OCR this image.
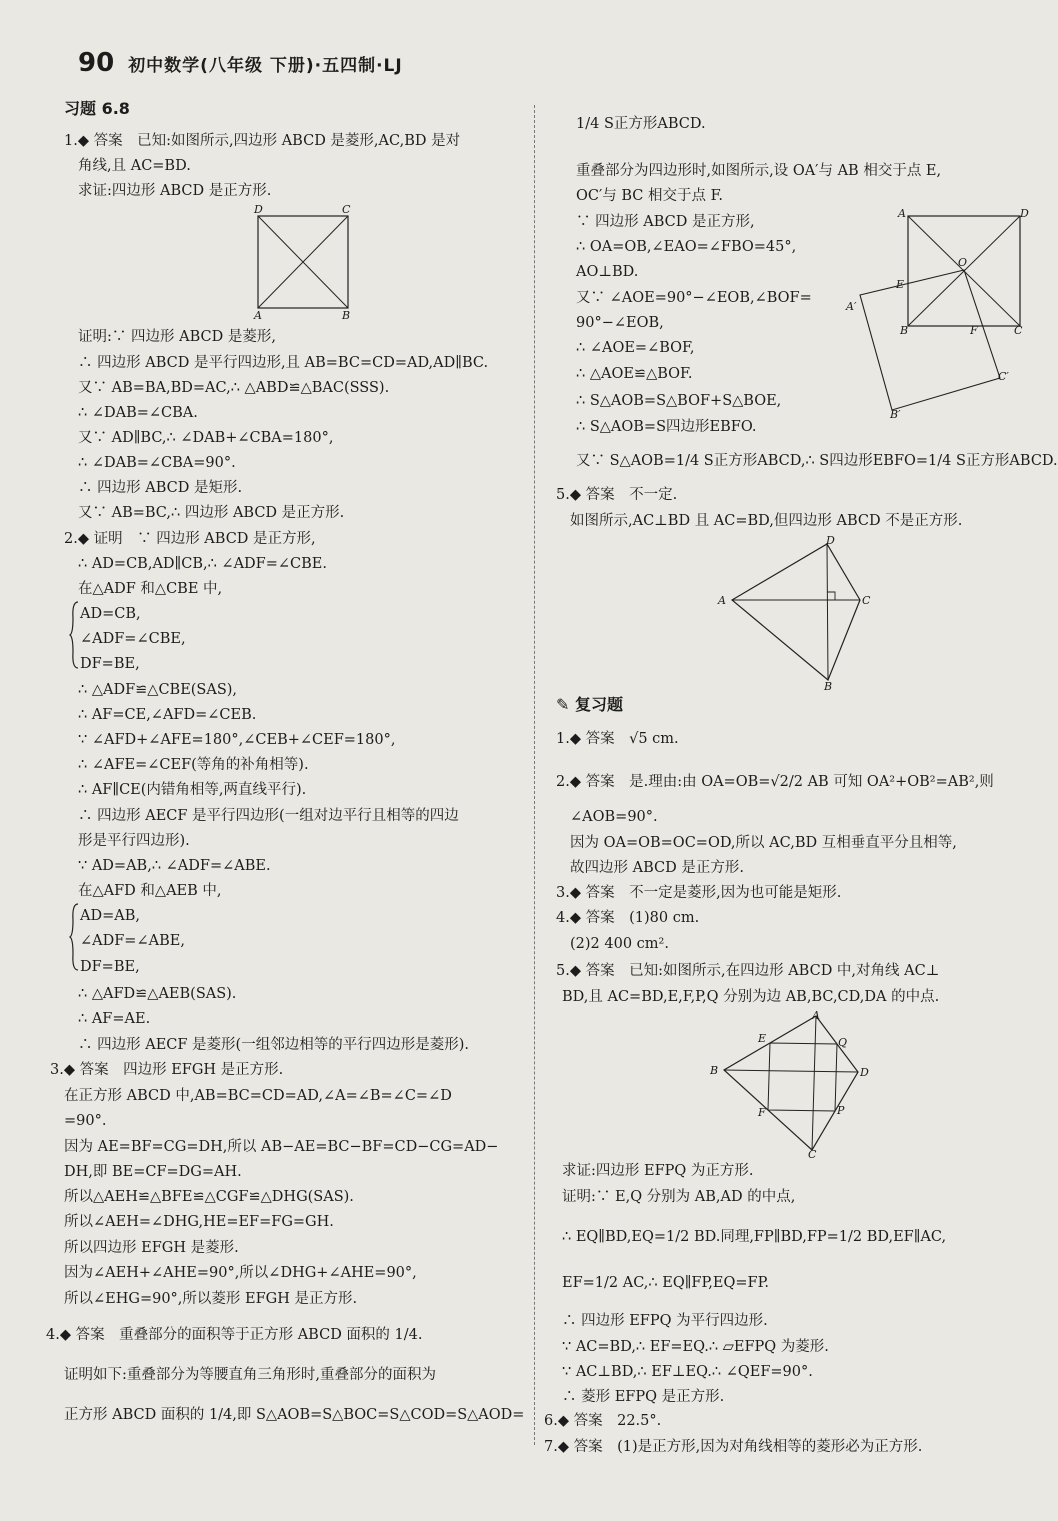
90 初中数学(八年级 下册)·五四制·LJ
习题 6.8
1.◆ 答案　已知:如图所示,四边形 ABCD 是菱形,AC,BD 是对
角线,且 AC=BD.
求证:四边形 ABCD 是正方形.
D	C
A	B
证明:∵ 四边形 ABCD 是菱形,
∴ 四边形 ABCD 是平行四边形,且 AB=BC=CD=AD,AD∥BC.
又∵ AB=BA,BD=AC,∴ △ABD≌△BAC(SSS).
∴ ∠DAB=∠CBA.
又∵ AD∥BC,∴ ∠DAB+∠CBA=180°,
∴ ∠DAB=∠CBA=90°.
∴ 四边形 ABCD 是矩形.
又∵ AB=BC,∴ 四边形 ABCD 是正方形.
2.◆ 证明　∵ 四边形 ABCD 是正方形,
∴ AD=CB,AD∥CB,∴ ∠ADF=∠CBE.
在△ADF 和△CBE 中,
AD=CB,
∠ADF=∠CBE,
DF=BE,
∴ △ADF≌△CBE(SAS),
∴ AF=CE,∠AFD=∠CEB.
∵ ∠AFD+∠AFE=180°,∠CEB+∠CEF=180°,
∴ ∠AFE=∠CEF(等角的补角相等).
∴ AF∥CE(内错角相等,两直线平行).
∴ 四边形 AECF 是平行四边形(一组对边平行且相等的四边
形是平行四边形).
∵ AD=AB,∴ ∠ADF=∠ABE.
在△AFD 和△AEB 中,
AD=AB,
∠ADF=∠ABE,
DF=BE,
∴ △AFD≌△AEB(SAS).
∴ AF=AE.
∴ 四边形 AECF 是菱形(一组邻边相等的平行四边形是菱形).
3.◆ 答案　四边形 EFGH 是正方形.
在正方形 ABCD 中,AB=BC=CD=AD,∠A=∠B=∠C=∠D
=90°.
因为 AE=BF=CG=DH,所以 AB−AE=BC−BF=CD−CG=AD−
DH,即 BE=CF=DG=AH.
所以△AEH≌△BFE≌△CGF≌△DHG(SAS).
所以∠AEH=∠DHG,HE=EF=FG=GH.
所以四边形 EFGH 是菱形.
因为∠AEH+∠AHE=90°,所以∠DHG+∠AHE=90°,
所以∠EHG=90°,所以菱形 EFGH 是正方形.
4.◆ 答案　重叠部分的面积等于正方形 ABCD 面积的 1/4.
证明如下:重叠部分为等腰直角三角形时,重叠部分的面积为
正方形 ABCD 面积的 1/4,即 S△AOB=S△BOC=S△COD=S△AOD=
1/4 S正方形ABCD.
重叠部分为四边形时,如图所示,设 OA′与 AB 相交于点 E,
OC′与 BC 相交于点 F.
∵ 四边形 ABCD 是正方形,
∴ OA=OB,∠EAO=∠FBO=45°,
AO⊥BD.
又∵ ∠AOE=90°−∠EOB,∠BOF=
90°−∠EOB,
∴ ∠AOE=∠BOF,
∴ △AOE≌△BOF.
∴ S△AOB=S△BOF+S△BOE,
∴ S△AOB=S四边形EBFO.
又∵ S△AOB=1/4 S正方形ABCD,∴ S四边形EBFO=1/4 S正方形ABCD.
A	D
E
O
A′
B	F	C
C′
B′
5.◆ 答案　不一定.
如图所示,AC⊥BD 且 AC=BD,但四边形 ABCD 不是正方形.
D
A	C
B
✎ 复习题
1.◆ 答案　√5 cm.
2.◆ 答案　是.理由:由 OA=OB=√2/2 AB 可知 OA²+OB²=AB²,则
∠AOB=90°.
因为 OA=OB=OC=OD,所以 AC,BD 互相垂直平分且相等,
故四边形 ABCD 是正方形.
3.◆ 答案　不一定是菱形,因为也可能是矩形.
4.◆ 答案　(1)80 cm.
(2)2 400 cm².
5.◆ 答案　已知:如图所示,在四边形 ABCD 中,对角线 AC⊥
BD,且 AC=BD,E,F,P,Q 分别为边 AB,BC,CD,DA 的中点.
A
E	Q
B	D
F	P
C
求证:四边形 EFPQ 为正方形.
证明:∵ E,Q 分别为 AB,AD 的中点,
∴ EQ∥BD,EQ=1/2 BD.同理,FP∥BD,FP=1/2 BD,EF∥AC,
EF=1/2 AC,∴ EQ∥FP,EQ=FP.
∴ 四边形 EFPQ 为平行四边形.
∵ AC=BD,∴ EF=EQ.∴ ▱EFPQ 为菱形.
∵ AC⊥BD,∴ EF⊥EQ.∴ ∠QEF=90°.
∴ 菱形 EFPQ 是正方形.
6.◆ 答案　22.5°.
7.◆ 答案　(1)是正方形,因为对角线相等的菱形必为正方形.
